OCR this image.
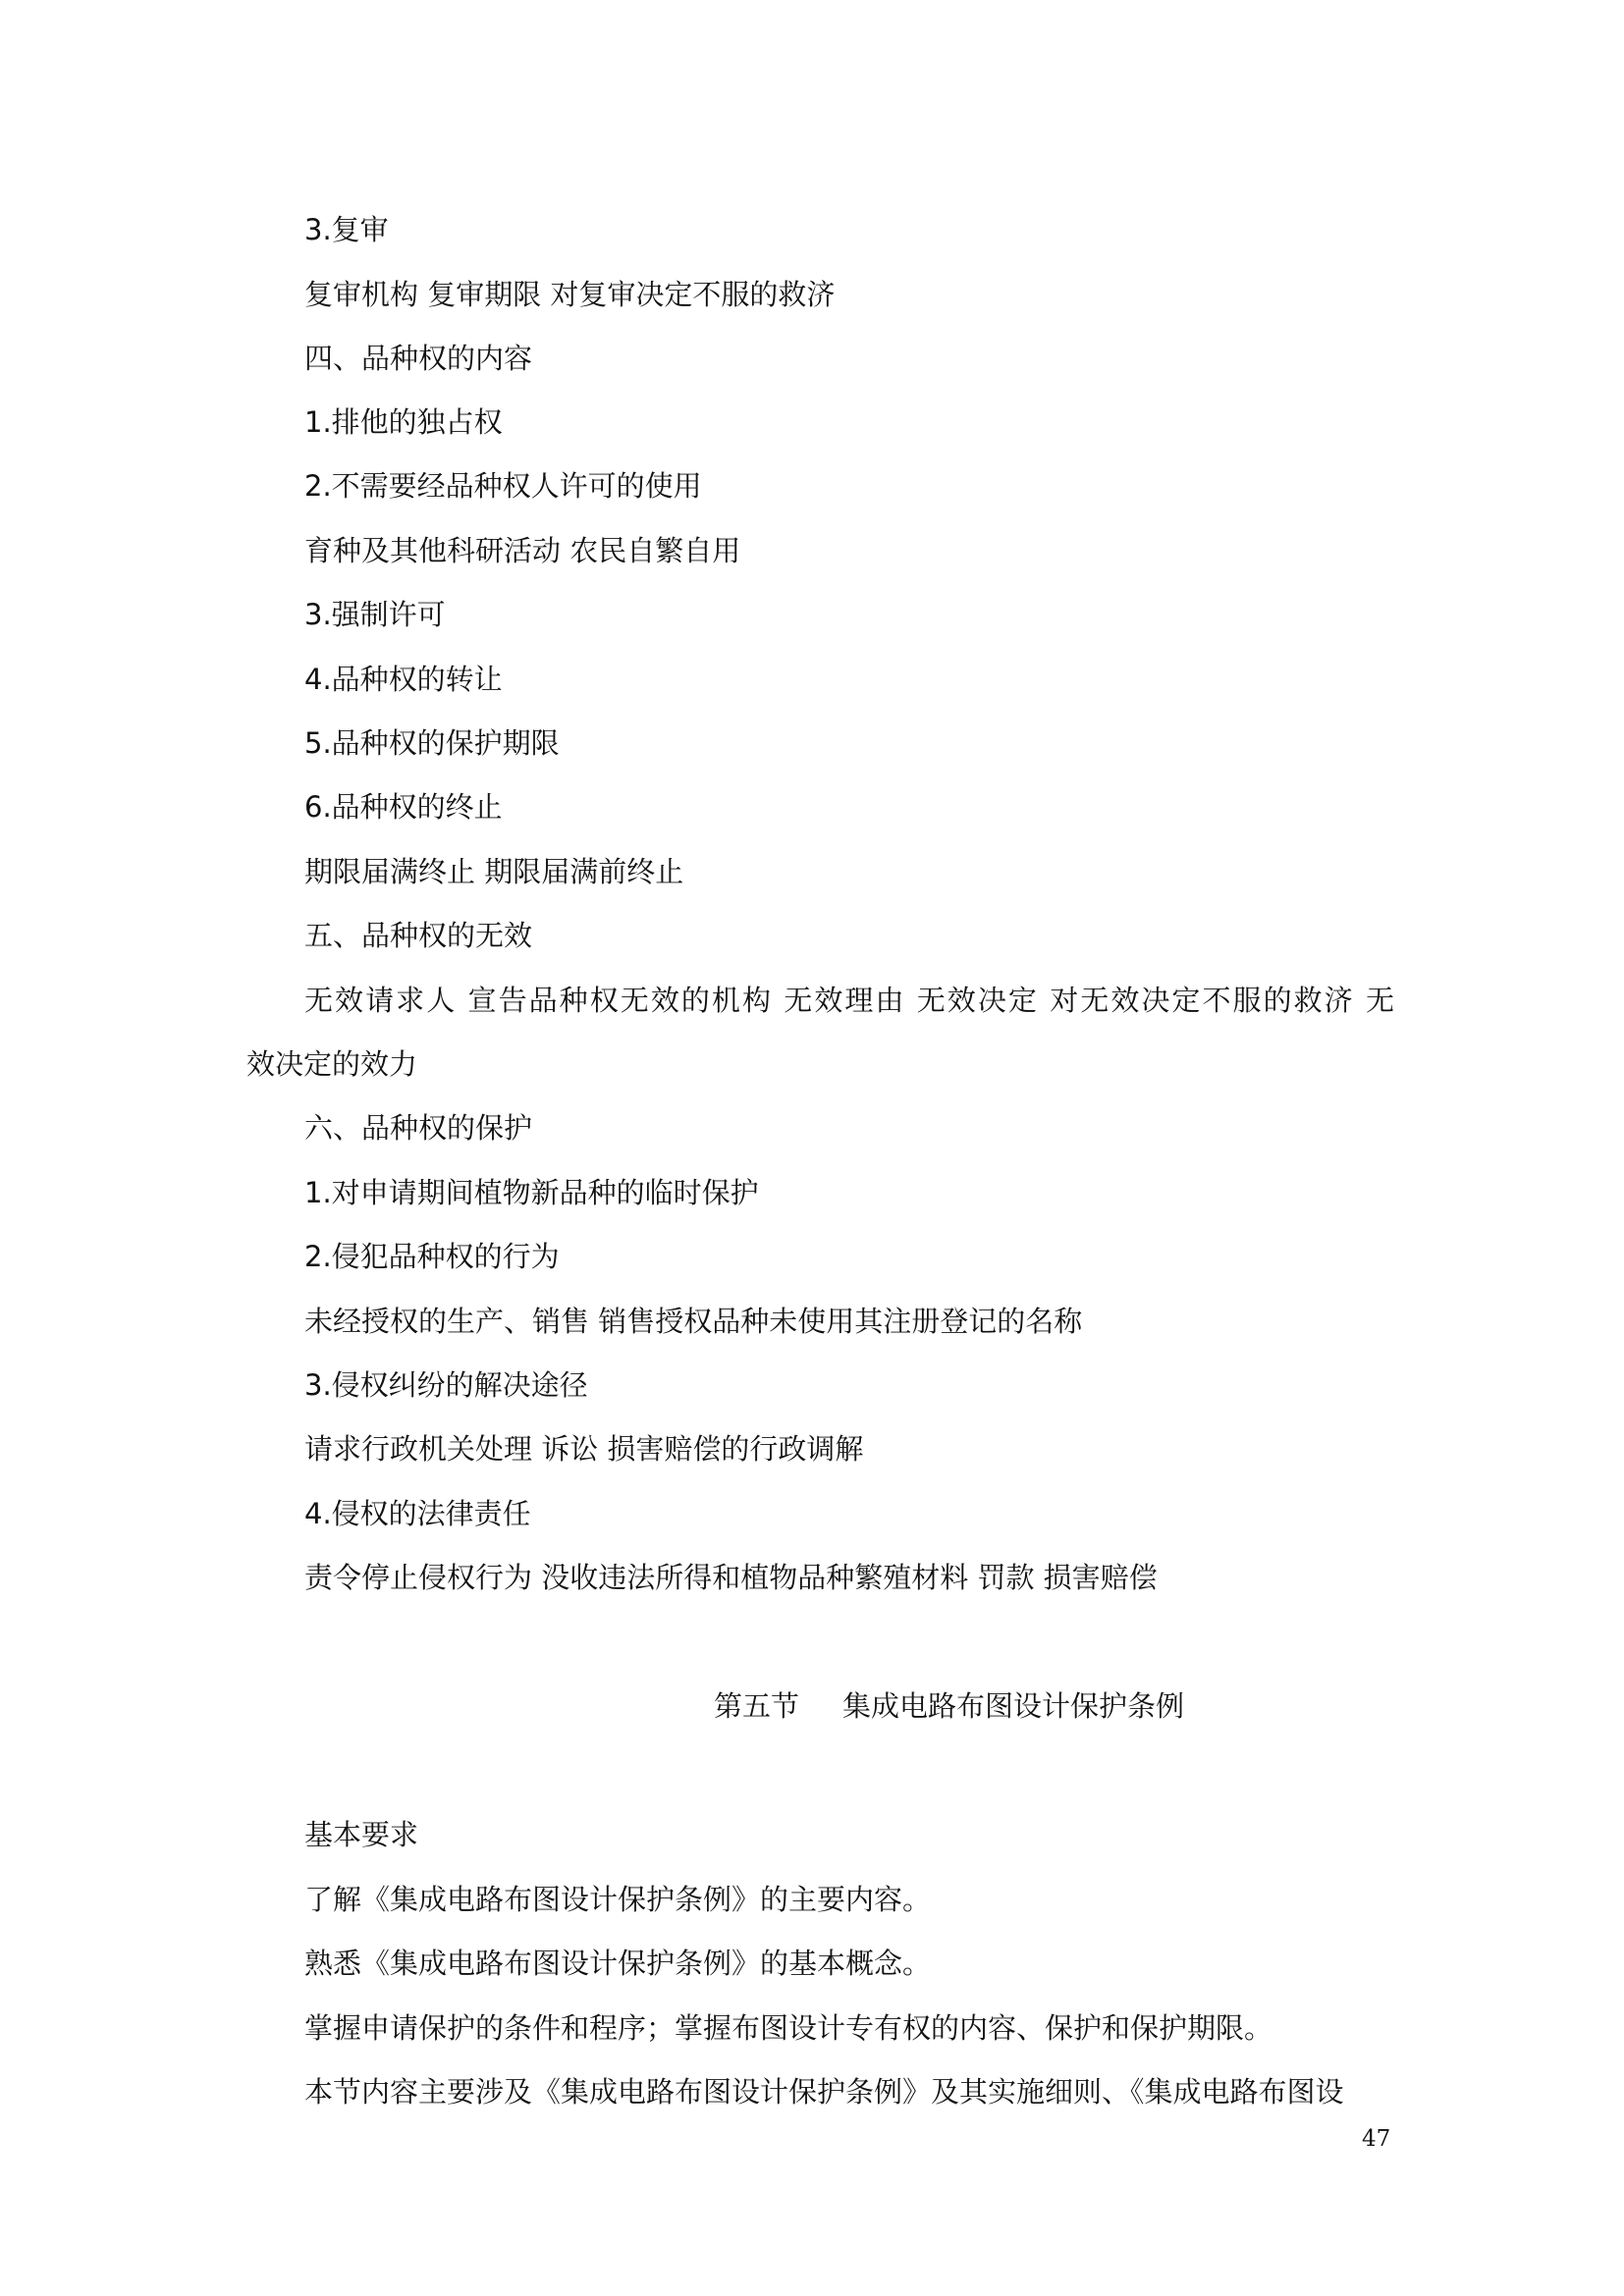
3.复审
复审机构 复审期限 对复审决定不服的救济
四、品种权的内容
1.排他的独占权
2.不需要经品种权人许可的使用
育种及其他科研活动 农民自繁自用
3.强制许可
4.品种权的转让
5.品种权的保护期限
6.品种权的终止
期限届满终止 期限届满前终止
五、品种权的无效
无效请求人 宣告品种权无效的机构 无效理由 无效决定 对无效决定不服的救济 无
效决定的效力
六、品种权的保护
1.对申请期间植物新品种的临时保护
2.侵犯品种权的行为
未经授权的生产、销售 销售授权品种未使用其注册登记的名称
3.侵权纠纷的解决途径
请求行政机关处理 诉讼 损害赔偿的行政调解
4.侵权的法律责任
责令停止侵权行为 没收违法所得和植物品种繁殖材料 罚款 损害赔偿
第五节 集成电路布图设计保护条例
基本要求
了解《集成电路布图设计保护条例》的主要内容。
熟悉《集成电路布图设计保护条例》的基本概念。
掌握申请保护的条件和程序；掌握布图设计专有权的内容、保护和保护期限。
本节内容主要涉及《集成电路布图设计保护条例》及其实施细则、《集成电路布图设
47
